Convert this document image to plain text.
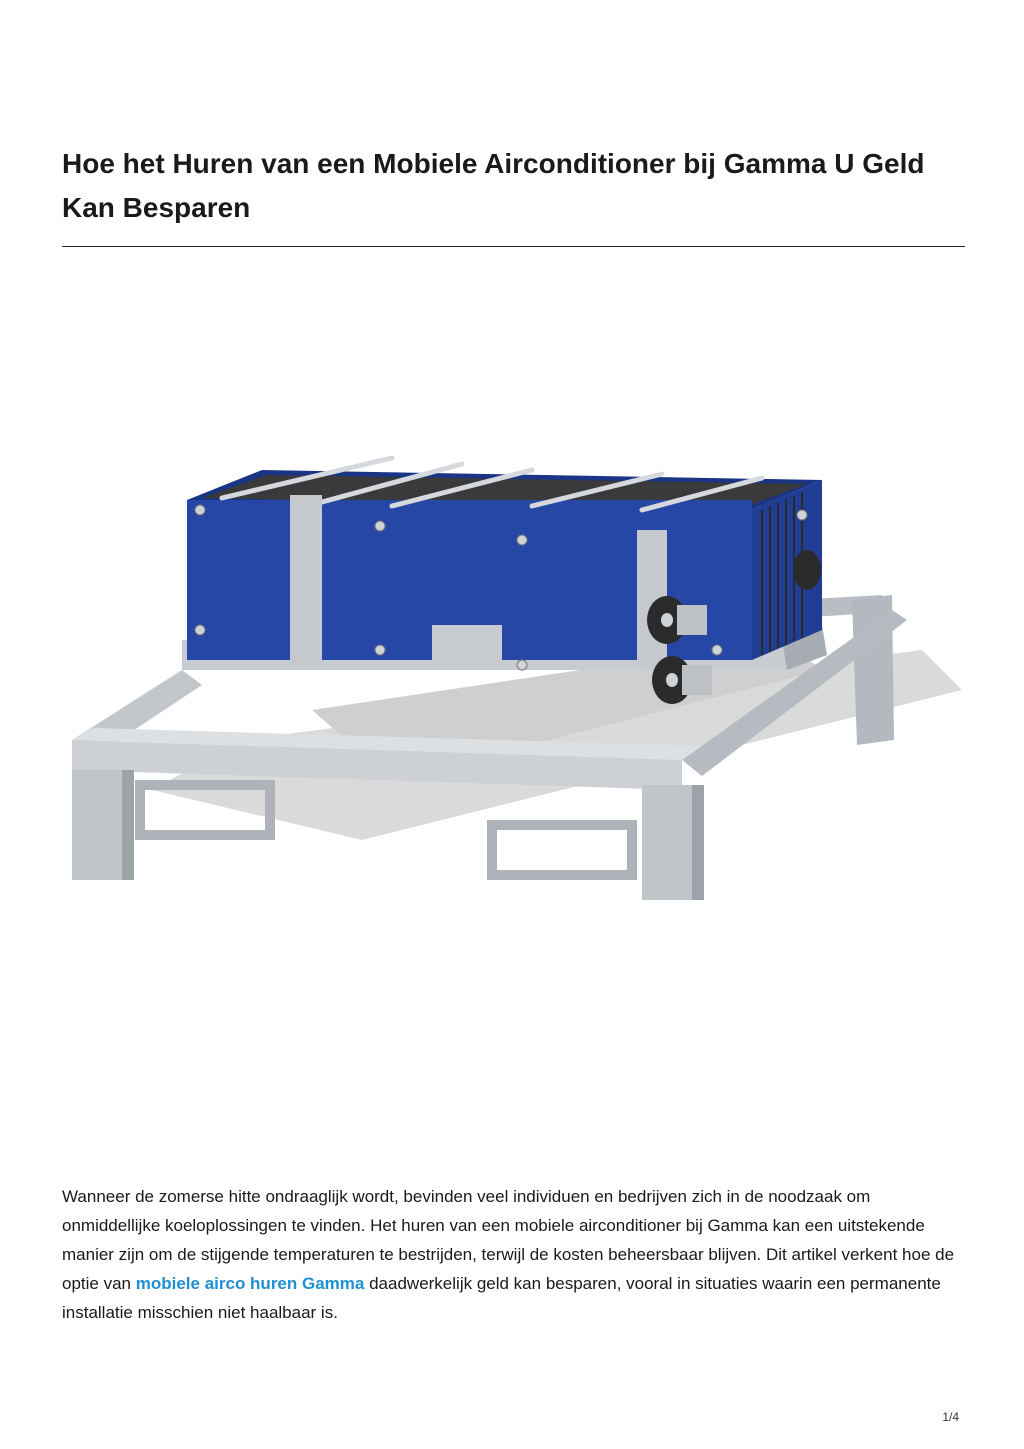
Hoe het Huren van een Mobiele Airconditioner bij Gamma U Geld Kan Besparen

Wanneer de zomerse hitte ondraaglijk wordt, bevinden veel individuen en bedrijven zich in de noodzaak om onmiddellijke koeloplossingen te vinden. Het huren van een mobiele airconditioner bij Gamma kan een uitstekende manier zijn om de stijgende temperaturen te bestrijden, terwijl de kosten beheersbaar blijven. Dit artikel verkent hoe de optie van mobiele airco huren Gamma daadwerkelijk geld kan besparen, vooral in situaties waarin een permanente installatie misschien niet haalbaar is.

1/4
